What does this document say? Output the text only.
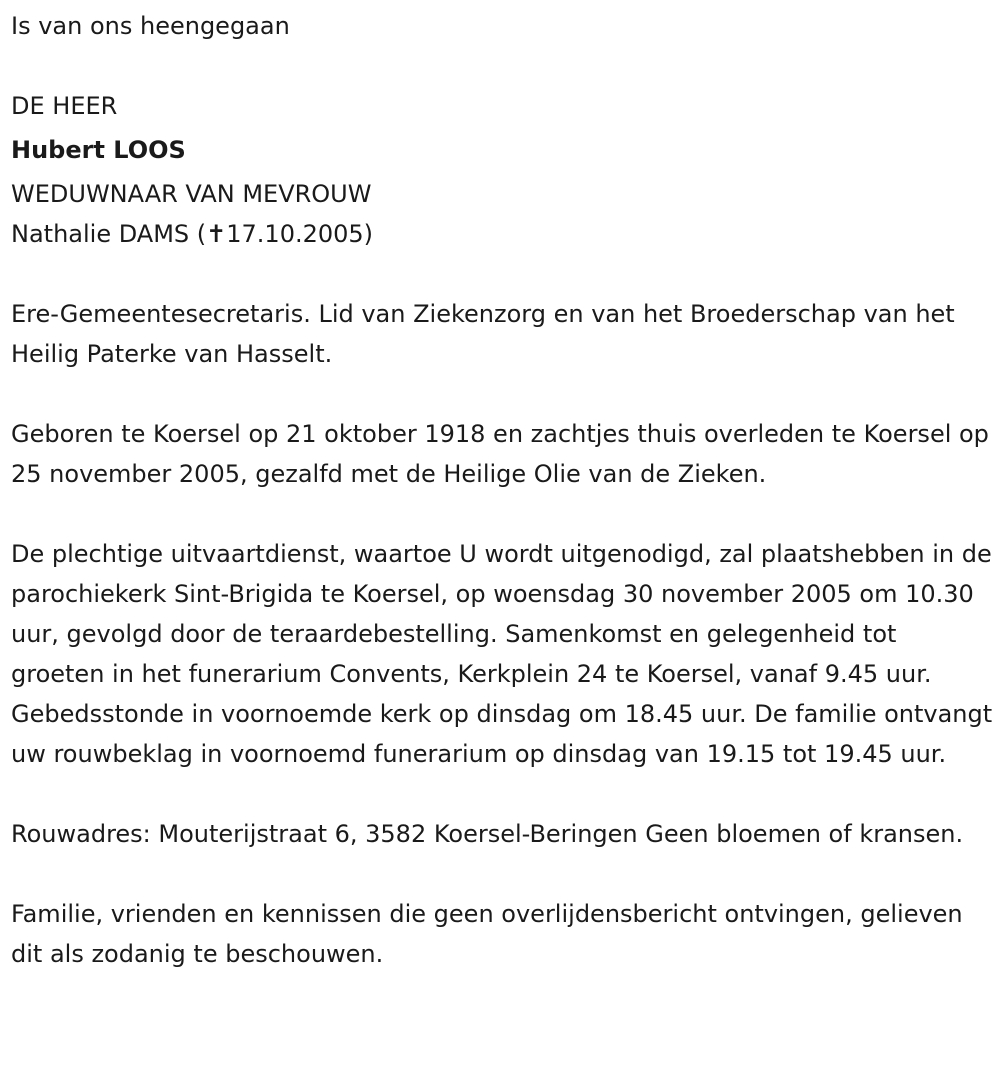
Is van ons heengegaan

DE HEER

Hubert LOOS

WEDUWNAAR VAN MEVROUW

Nathalie DAMS (✝17.10.2005)

Ere-Gemeentesecretaris. Lid van Ziekenzorg en van het Broederschap van het Heilig Paterke van Hasselt.

Geboren te Koersel op 21 oktober 1918 en zachtjes thuis overleden te Koersel op 25 november 2005, gezalfd met de Heilige Olie van de Zieken.

De plechtige uitvaartdienst, waartoe U wordt uitgenodigd, zal plaatshebben in de parochiekerk Sint-Brigida te Koersel, op woensdag 30 november 2005 om 10.30 uur, gevolgd door de teraardebestelling. Samenkomst en gelegenheid tot groeten in het funerarium Convents, Kerkplein 24 te Koersel, vanaf 9.45 uur. Gebedsstonde in voornoemde kerk op dinsdag om 18.45 uur. De familie ontvangt uw rouwbeklag in voornoemd funerarium op dinsdag van 19.15 tot 19.45 uur.

Rouwadres: Mouterijstraat 6, 3582 Koersel-Beringen Geen bloemen of kransen.

Familie, vrienden en kennissen die geen overlijdensbericht ontvingen, gelieven dit als zodanig te beschouwen.
